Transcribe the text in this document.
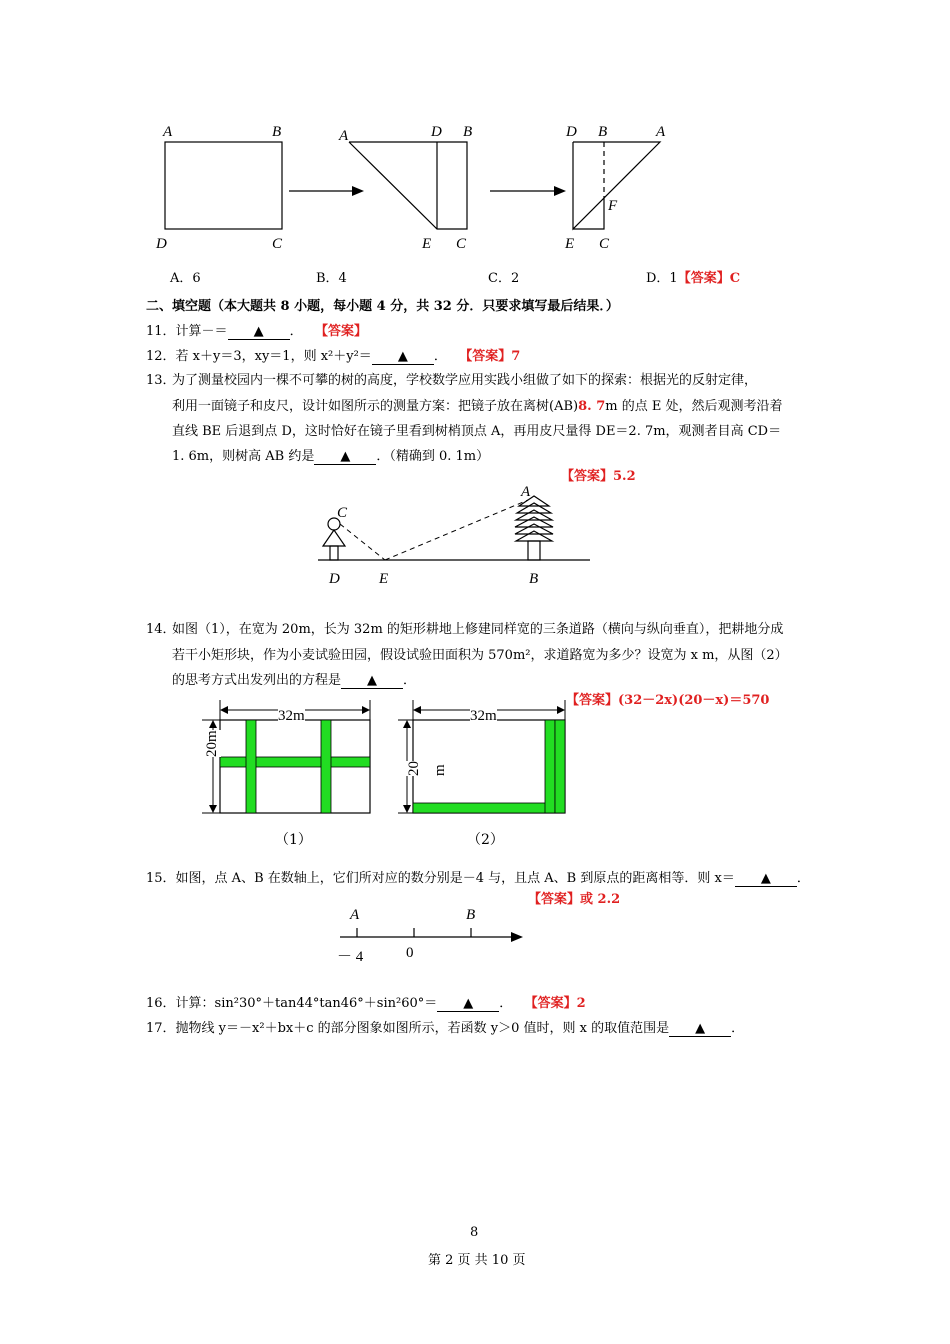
A	B
D	C
A	D B
E C
D B	A
F
E C
A．6	B．4	C．2	D．1【答案】C
二、填空题（本大题共 8 小题，每小题 4 分，共 32 分．只要求填写最后结果．）
11．计算－＝ ▲ ． 【答案】
12．若 x＋y＝3，xy＝1，则 x²＋y²＝ ▲ ． 【答案】7
13．
为了测量校园内一棵不可攀的树的高度，学校数学应用实践小组做了如下的探索：根据光的反射定律，
利用一面镜子和皮尺，设计如图所示的测量方案：把镜子放在离树(AB)8. 7m 的点 E 处，然后观测考沿着
直线 BE 后退到点 D，这时恰好在镜子里看到树梢顶点 A，再用皮尺量得 DE＝2. 7m，观测者目高 CD＝
1. 6m，则树高 AB 约是 ▲ ．（精确到 0. 1m）
【答案】5.2
C
A
D	E	B
14．
如图（1），在宽为 20m，长为 32m 的矩形耕地上修建同样宽的三条道路（横向与纵向垂直），把耕地分成
若干小矩形块，作为小麦试验田园，假设试验田面积为 570m²，求道路宽为多少？设宽为 x m，从图（2）
的思考方式出发列出的方程是 ▲ ．
【答案】(32－2x)(20－x)＝570
32m
20m
（1）
32m
20 m
（2）
15．如图，点 A、B 在数轴上，它们所对应的数分别是－4 与，且点 A、B 到原点的距离相等．则 x＝ ▲ ．
【答案】或 2.2
A	B
－ 4	0
16．计算：sin²30°＋tan44°tan46°＋sin²60°＝ ▲ ． 【答案】2
17．抛物线 y＝－x²＋bx＋c 的部分图象如图所示，若函数 y＞0 值时，则 x 的取值范围是 ▲ ．
8
第 2 页 共 10 页
